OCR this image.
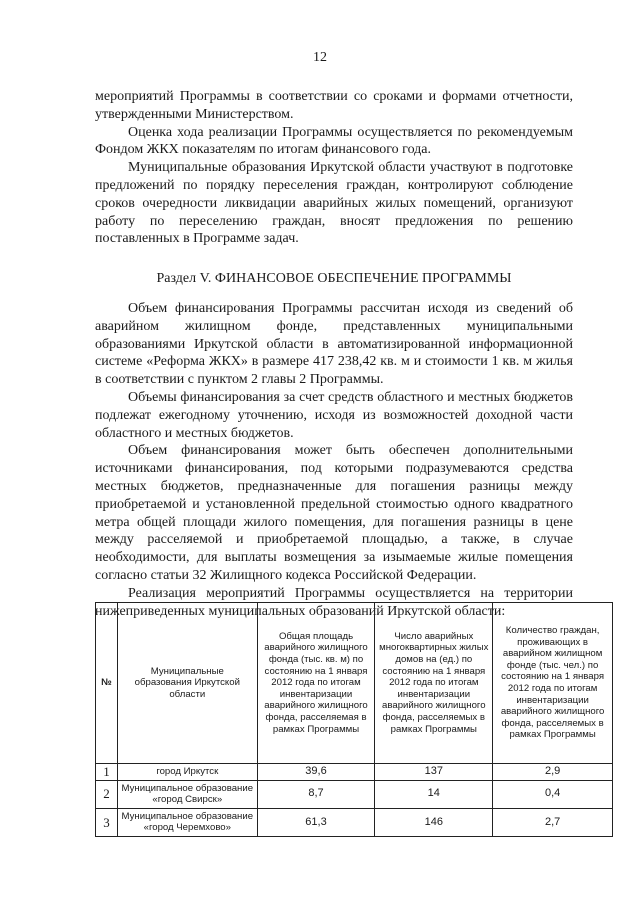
12

мероприятий Программы в соответствии со сроками и формами отчетности, утвержденными Министерством.

Оценка хода реализации Программы осуществляется по рекомендуемым Фондом ЖКХ показателям по итогам финансового года.

Муниципальные образования Иркутской области участвуют в подготовке предложений по порядку переселения граждан, контролируют соблюдение сроков очередности ликвидации аварийных жилых помещений, организуют работу по переселению граждан, вносят предложения по решению поставленных в Программе задач.

Раздел V. ФИНАНСОВОЕ ОБЕСПЕЧЕНИЕ ПРОГРАММЫ

Объем финансирования Программы рассчитан исходя из сведений об аварийном жилищном фонде, представленных муниципальными образованиями Иркутской области в автоматизированной информационной системе «Реформа ЖКХ» в размере 417 238,42 кв. м и стоимости 1 кв. м жилья в соответствии с пунктом 2 главы 2 Программы.

Объемы финансирования за счет средств областного и местных бюджетов подлежат ежегодному уточнению, исходя из возможностей доходной части областного и местных бюджетов.

Объем финансирования может быть обеспечен дополнительными источниками финансирования, под которыми подразумеваются средства местных бюджетов, предназначенные для погашения разницы между приобретаемой и установленной предельной стоимостью одного квадратного метра общей площади жилого помещения, для погашения разницы в цене между расселяемой и приобретаемой площадью, а также, в случае необходимости, для выплаты возмещения за изымаемые жилые помещения согласно статьи 32 Жилищного кодекса Российской Федерации.

Реализация мероприятий Программы осуществляется на территории нижеприведенных муниципальных образований Иркутской области:

№	Муниципальные образования Иркутской области	Общая площадь аварийного жилищного фонда (тыс. кв. м) по состоянию на 1 января 2012 года по итогам инвентаризации аварийного жилищного фонда, расселяемая в рамках Программы	Число аварийных многоквартирных жилых домов на (ед.) по состоянию на 1 января 2012 года по итогам инвентаризации аварийного жилищного фонда, расселяемых в рамках Программы	Количество граждан, проживающих в аварийном жилищном фонде (тыс. чел.) по состоянию на 1 января 2012 года по итогам инвентаризации аварийного жилищного фонда, расселяемых в рамках Программы
1	город Иркутск	39,6	137	2,9
2	Муниципальное образование «город Свирск»	8,7	14	0,4
3	Муниципальное образование «город Черемхово»	61,3	146	2,7
